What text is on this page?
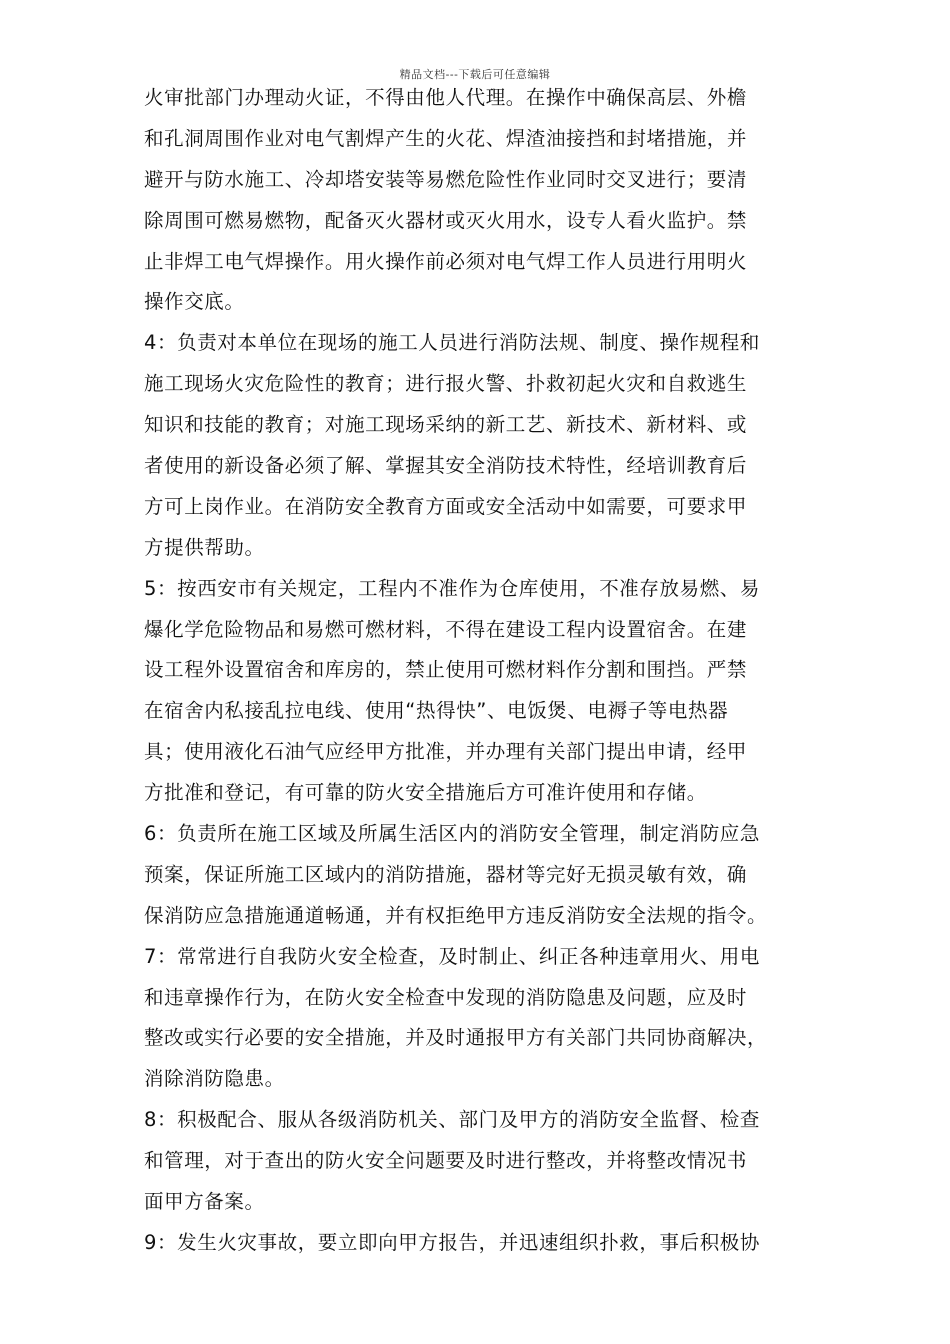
精品文档---下载后可任意编辑
火审批部门办理动火证，不得由他人代理。在操作中确保高层、外檐
和孔洞周围作业对电气割焊产生的火花、焊渣油接挡和封堵措施，并
避开与防水施工、冷却塔安装等易燃危险性作业同时交叉进行；要清
除周围可燃易燃物，配备灭火器材或灭火用水，设专人看火监护。禁
止非焊工电气焊操作。用火操作前必须对电气焊工作人员进行用明火
操作交底。
4：负责对本单位在现场的施工人员进行消防法规、制度、操作规程和
施工现场火灾危险性的教育；进行报火警、扑救初起火灾和自救逃生
知识和技能的教育；对施工现场采纳的新工艺、新技术、新材料、或
者使用的新设备必须了解、掌握其安全消防技术特性，经培训教育后
方可上岗作业。在消防安全教育方面或安全活动中如需要，可要求甲
方提供帮助。
5：按西安市有关规定，工程内不准作为仓库使用，不准存放易燃、易
爆化学危险物品和易燃可燃材料，不得在建设工程内设置宿舍。在建
设工程外设置宿舍和库房的，禁止使用可燃材料作分割和围挡。严禁
在宿舍内私接乱拉电线、使用“热得快”、电饭煲、电褥子等电热器
具；使用液化石油气应经甲方批准，并办理有关部门提出申请，经甲
方批准和登记，有可靠的防火安全措施后方可准许使用和存储。
6：负责所在施工区域及所属生活区内的消防安全管理，制定消防应急
预案，保证所施工区域内的消防措施，器材等完好无损灵敏有效，确
保消防应急措施通道畅通，并有权拒绝甲方违反消防安全法规的指令。
7：常常进行自我防火安全检查，及时制止、纠正各种违章用火、用电
和违章操作行为，在防火安全检查中发现的消防隐患及问题，应及时
整改或实行必要的安全措施，并及时通报甲方有关部门共同协商解决，
消除消防隐患。
8：积极配合、服从各级消防机关、部门及甲方的消防安全监督、检查
和管理，对于查出的防火安全问题要及时进行整改，并将整改情况书
面甲方备案。
9：发生火灾事故，要立即向甲方报告，并迅速组织扑救，事后积极协
